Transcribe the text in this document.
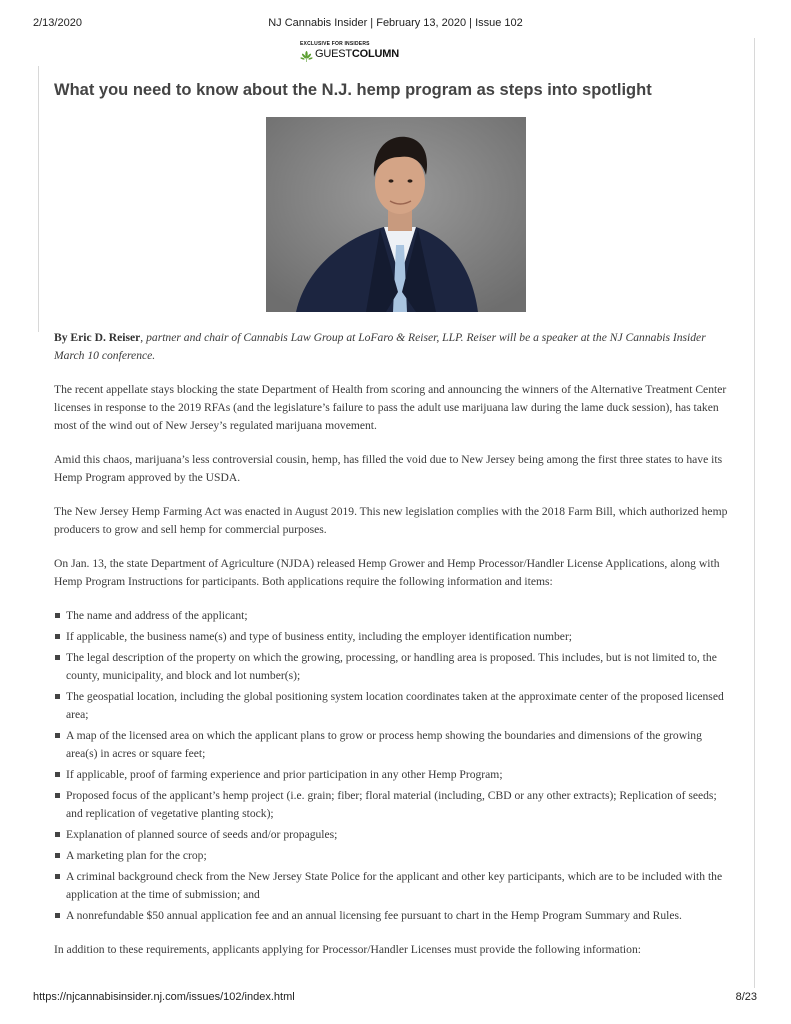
2/13/2020	NJ Cannabis Insider | February 13, 2020 | Issue 102
EXCLUSIVE FOR INSIDERS
GUEST COLUMN
What you need to know about the N.J. hemp program as steps into spotlight

By Eric D. Reiser, partner and chair of Cannabis Law Group at LoFaro & Reiser, LLP. Reiser will be a speaker at the NJ Cannabis Insider March 10 conference.

The recent appellate stays blocking the state Department of Health from scoring and announcing the winners of the Alternative Treatment Center licenses in response to the 2019 RFAs (and the legislature’s failure to pass the adult use marijuana law during the lame duck session), has taken most of the wind out of New Jersey’s regulated marijuana movement.

Amid this chaos, marijuana’s less controversial cousin, hemp, has filled the void due to New Jersey being among the first three states to have its Hemp Program approved by the USDA.

The New Jersey Hemp Farming Act was enacted in August 2019. This new legislation complies with the 2018 Farm Bill, which authorized hemp producers to grow and sell hemp for commercial purposes.

On Jan. 13, the state Department of Agriculture (NJDA) released Hemp Grower and Hemp Processor/Handler License Applications, along with Hemp Program Instructions for participants. Both applications require the following information and items:

The name and address of the applicant;
If applicable, the business name(s) and type of business entity, including the employer identification number;
The legal description of the property on which the growing, processing, or handling area is proposed. This includes, but is not limited to, the county, municipality, and block and lot number(s);
The geospatial location, including the global positioning system location coordinates taken at the approximate center of the proposed licensed area;
A map of the licensed area on which the applicant plans to grow or process hemp showing the boundaries and dimensions of the growing area(s) in acres or square feet;
If applicable, proof of farming experience and prior participation in any other Hemp Program;
Proposed focus of the applicant’s hemp project (i.e. grain; fiber; floral material (including, CBD or any other extracts); Replication of seeds; and replication of vegetative planting stock);
Explanation of planned source of seeds and/or propagules;
A marketing plan for the crop;
A criminal background check from the New Jersey State Police for the applicant and other key participants, which are to be included with the application at the time of submission; and
A nonrefundable $50 annual application fee and an annual licensing fee pursuant to chart in the Hemp Program Summary and Rules.

In addition to these requirements, applicants applying for Processor/Handler Licenses must provide the following information:

https://njcannabisinsider.nj.com/issues/102/index.html	8/23
